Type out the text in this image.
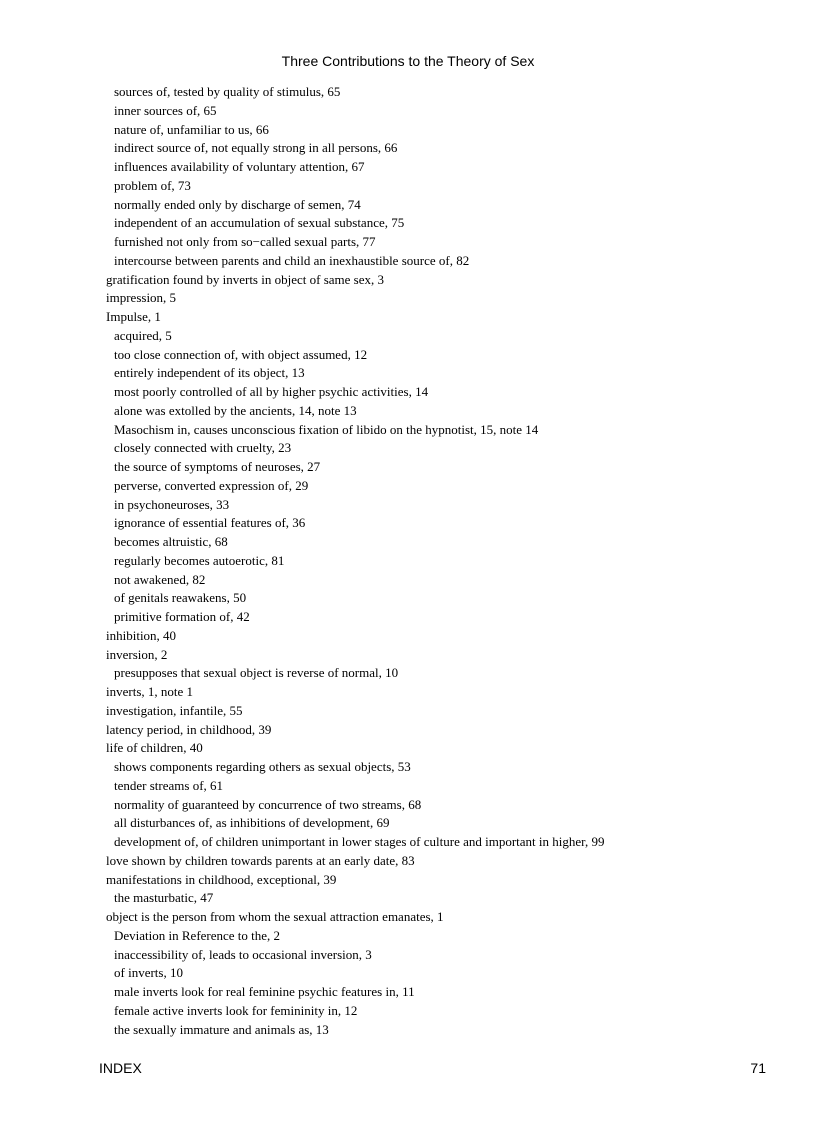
Three Contributions to the Theory of Sex
sources of, tested by quality of stimulus, 65
inner sources of, 65
nature of, unfamiliar to us, 66
indirect source of, not equally strong in all persons, 66
influences availability of voluntary attention, 67
problem of, 73
normally ended only by discharge of semen, 74
independent of an accumulation of sexual substance, 75
furnished not only from so−called sexual parts, 77
intercourse between parents and child an inexhaustible source of, 82
gratification found by inverts in object of same sex, 3
impression, 5
Impulse, 1
acquired, 5
too close connection of, with object assumed, 12
entirely independent of its object, 13
most poorly controlled of all by higher psychic activities, 14
alone was extolled by the ancients, 14, note 13
Masochism in, causes unconscious fixation of libido on the hypnotist, 15, note 14
closely connected with cruelty, 23
the source of symptoms of neuroses, 27
perverse, converted expression of, 29
in psychoneuroses, 33
ignorance of essential features of, 36
becomes altruistic, 68
regularly becomes autoerotic, 81
not awakened, 82
of genitals reawakens, 50
primitive formation of, 42
inhibition, 40
inversion, 2
presupposes that sexual object is reverse of normal, 10
inverts, 1, note 1
investigation, infantile, 55
latency period, in childhood, 39
life of children, 40
shows components regarding others as sexual objects, 53
tender streams of, 61
normality of guaranteed by concurrence of two streams, 68
all disturbances of, as inhibitions of development, 69
development of, of children unimportant in lower stages of culture and important in higher, 99
love shown by children towards parents at an early date, 83
manifestations in childhood, exceptional, 39
the masturbatic, 47
object is the person from whom the sexual attraction emanates, 1
Deviation in Reference to the, 2
inaccessibility of, leads to occasional inversion, 3
of inverts, 10
male inverts look for real feminine psychic features in, 11
female active inverts look for femininity in, 12
the sexually immature and animals as, 13
INDEX	71
